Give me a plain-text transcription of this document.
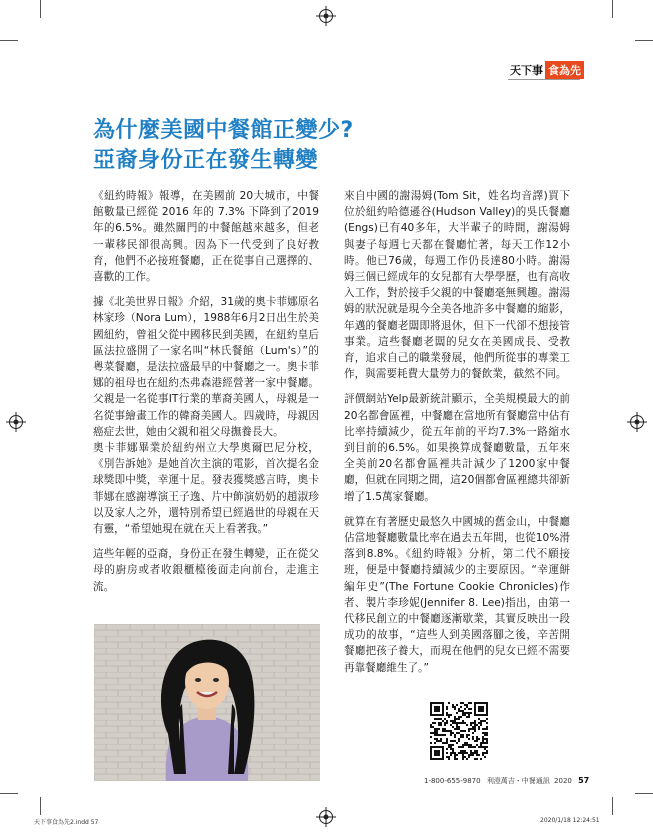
天下事 食為先
為什麼美國中餐館正變少?
亞裔身份正在發生轉變

《紐約時報》報導，在美國前 20大城市，中餐館數量已經從 2016 年的 7.3% 下降到了2019 年的6.5%。雖然關門的中餐館越來越多，但老一輩移民卻很高興。因為下一代受到了良好教育，他們不必接班餐廳，正在從事自己選擇的、喜歡的工作。

據《北美世界日報》介紹，31歲的奧卡菲娜原名林家珍（Nora Lum），1988年6月2日出生於美國紐約，曾祖父從中國移民到美國，在紐約皇后區法拉盛開了一家名叫“林氏餐館（Lum's）”的粵菜餐廳，是法拉盛最早的中餐廳之一。奧卡菲娜的祖母也在紐約杰弗森港經營著一家中餐廳。父親是一名從事IT行業的華裔美國人，母親是一名從事繪畫工作的韓裔美國人。四歲時，母親因癌症去世，她由父親和祖父母撫養長大。

奧卡菲娜畢業於紐約州立大學奧爾巴尼分校，《別告訴她》是她首次主演的電影，首次提名金球獎即中獎，幸運十足。發表獲獎感言時，奧卡菲娜在感謝導演王子逸、片中飾演奶奶的趙淑珍以及家人之外，還特別希望已經過世的母親在天有靈，“希望她現在就在天上看著我。”

這些年輕的亞裔，身份正在發生轉變，正在從父母的廚房或者收銀櫃檯後面走向前台，走進主流。

來自中國的謝湯姆(Tom Sit，姓名均音譯)買下位於紐約哈德遜谷(Hudson Valley)的吳氏餐廳(Engs)已有40多年，大半輩子的時間，謝湯姆與妻子每週七天都在餐廳忙著，每天工作12小時。他已76歲，每週工作仍長達80小時。謝湯姆三個已經成年的女兒都有大學學歷，也有高收入工作，對於接手父親的中餐廳毫無興趣。謝湯姆的狀況就是現今全美各地許多中餐廳的縮影，年邁的餐廳老闆即將退休，但下一代卻不想接管事業。這些餐廳老闆的兒女在美國成長、受教育，追求自己的職業發展，他們所從事的專業工作，與需要耗費大量勞力的餐飲業，截然不同。

評價網站Yelp最新統計顯示，全美規模最大的前20名都會區裡，中餐廳在當地所有餐廳當中佔有比率持續減少，從五年前的平均7.3%一路縮水到目前的6.5%。如果換算成餐廳數量，五年來全美前20名都會區裡共計減少了1200家中餐廳，但就在同期之間，這20個都會區裡總共卻新增了1.5萬家餐廳。

就算在有著歷史最悠久中國城的舊金山，中餐廳佔當地餐廳數量比率在過去五年間，也從10%滑落到8.8%。《紐約時報》分析，第二代不願接班，便是中餐廳持續減少的主要原因。“幸運餅編年史”(The Fortune Cookie Chronicles)作者、製片李珍妮(Jennifer 8. Lee)指出，由第一代移民創立的中餐廳逐漸歇業，其實反映出一段成功的故事，“這些人到美國落腳之後，辛苦開餐廳把孩子養大，而現在他們的兒女已經不需要再靠餐廳維生了。”

1-800-655-9870 利澄萬吉・中餐通訊 2020 57
天下事食為先2.indd 57	2020/1/18 12:24:51
